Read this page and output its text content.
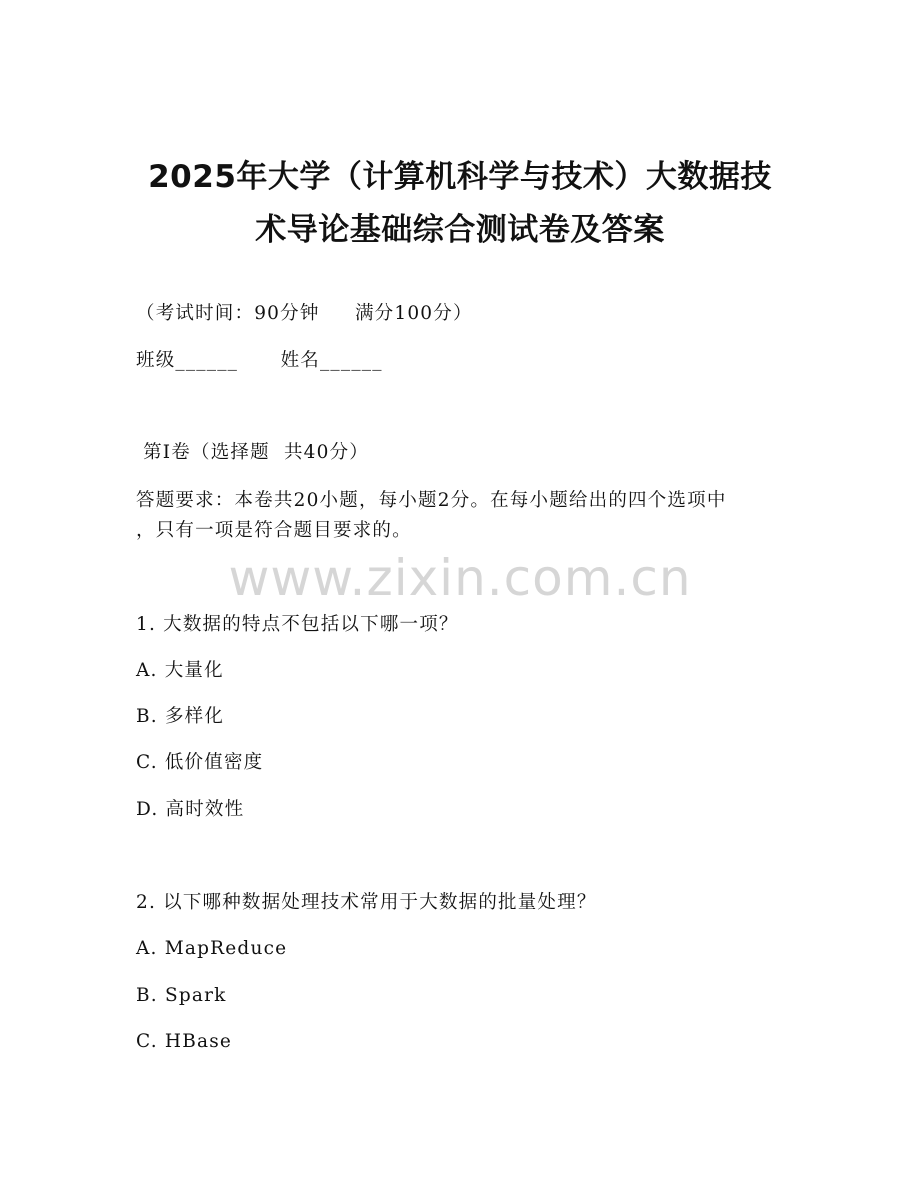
2025年大学（计算机科学与技术）大数据技
术导论基础综合测试卷及答案
（考试时间：90分钟     满分100分）
班级______      姓名______
第Ⅰ卷（选择题  共40分）
答题要求：本卷共20小题，每小题2分。在每小题给出的四个选项中
，只有一项是符合题目要求的。
www.zixin.com.cn
1. 大数据的特点不包括以下哪一项？
A. 大量化
B. 多样化
C. 低价值密度
D. 高时效性
2. 以下哪种数据处理技术常用于大数据的批量处理？
A. MapReduce
B. Spark
C. HBase
